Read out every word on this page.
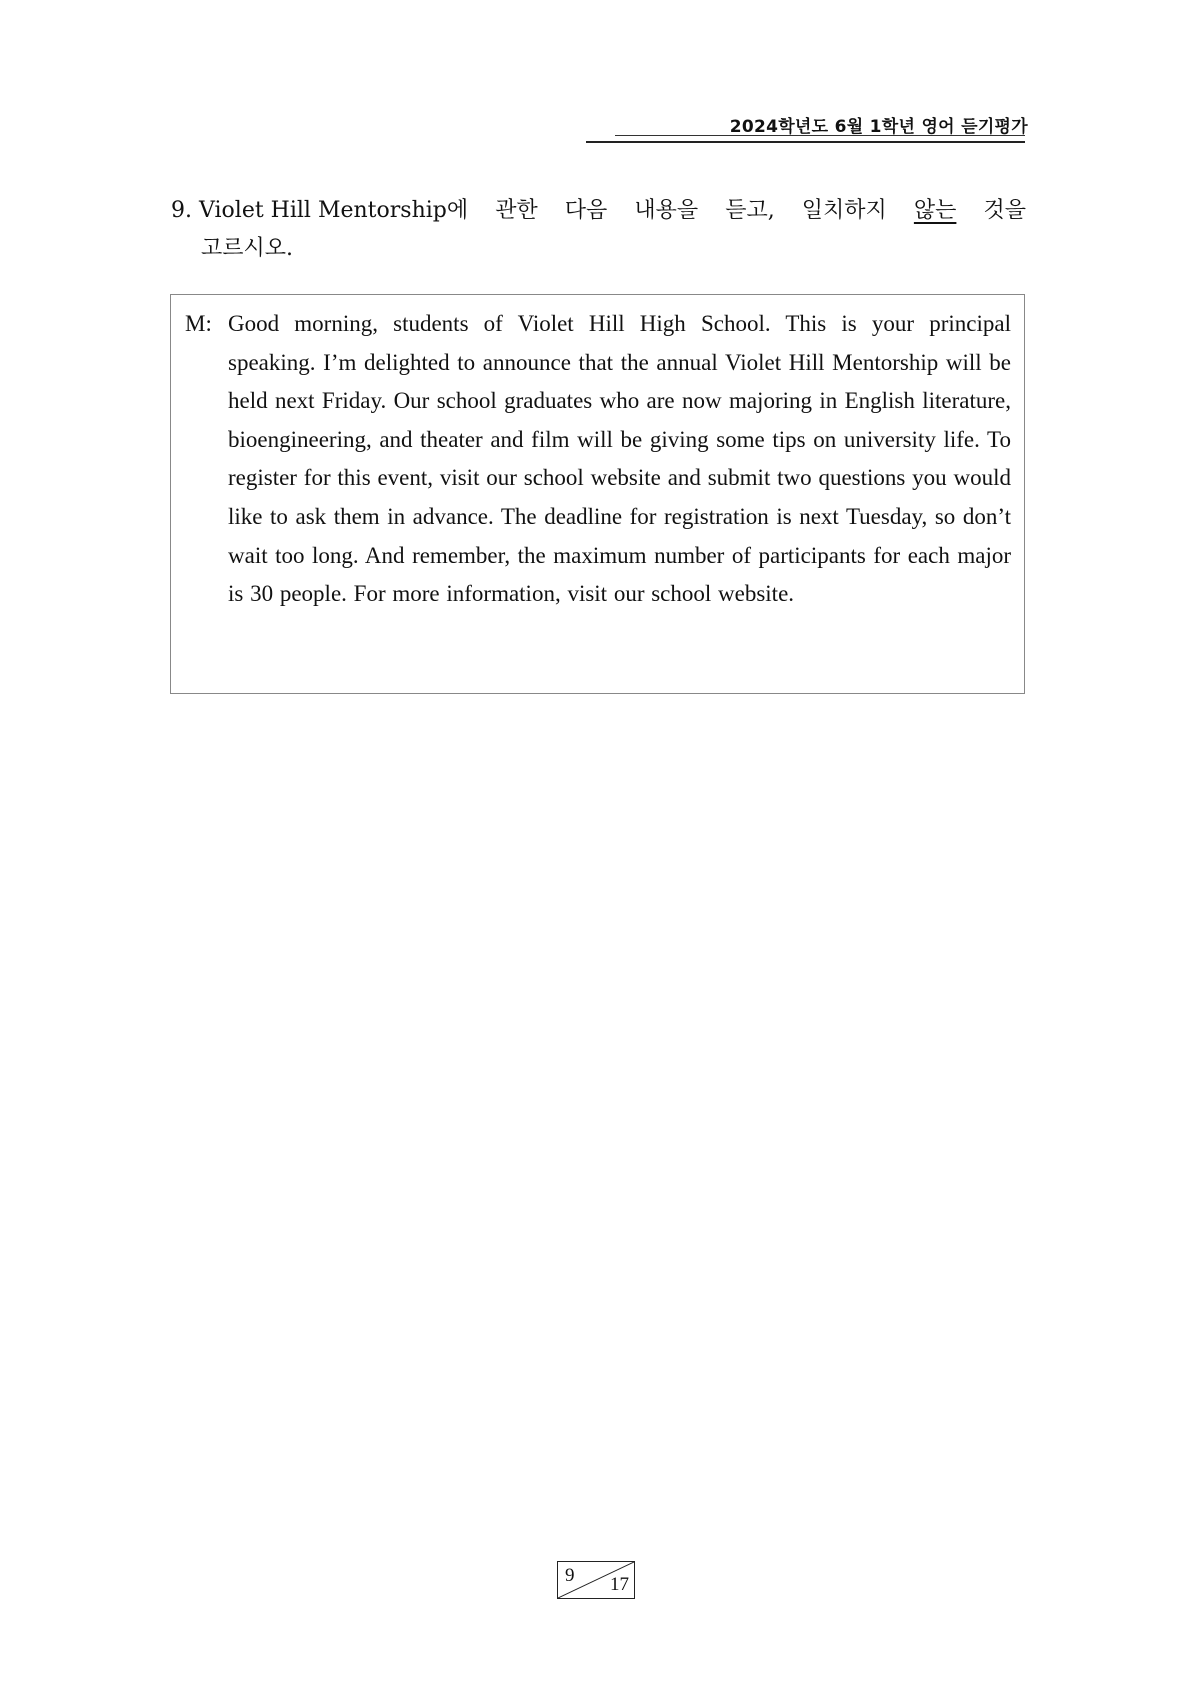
2024학년도 6월 1학년 영어 듣기평가
9. Violet Hill Mentorship에 관한 다음 내용을 듣고, 일치하지 않는 것을
고르시오.
M: Good morning, students of Violet Hill High School. This is your principal speaking. I’m delighted to announce that the annual Violet Hill Mentorship will be held next Friday. Our school graduates who are now majoring in English literature, bioengineering, and theater and film will be giving some tips on university life. To register for this event, visit our school website and submit two questions you would like to ask them in advance. The deadline for registration is next Tuesday, so don’t wait too long. And remember, the maximum number of participants for each major is 30 people. For more information, visit our school website.
9 17
